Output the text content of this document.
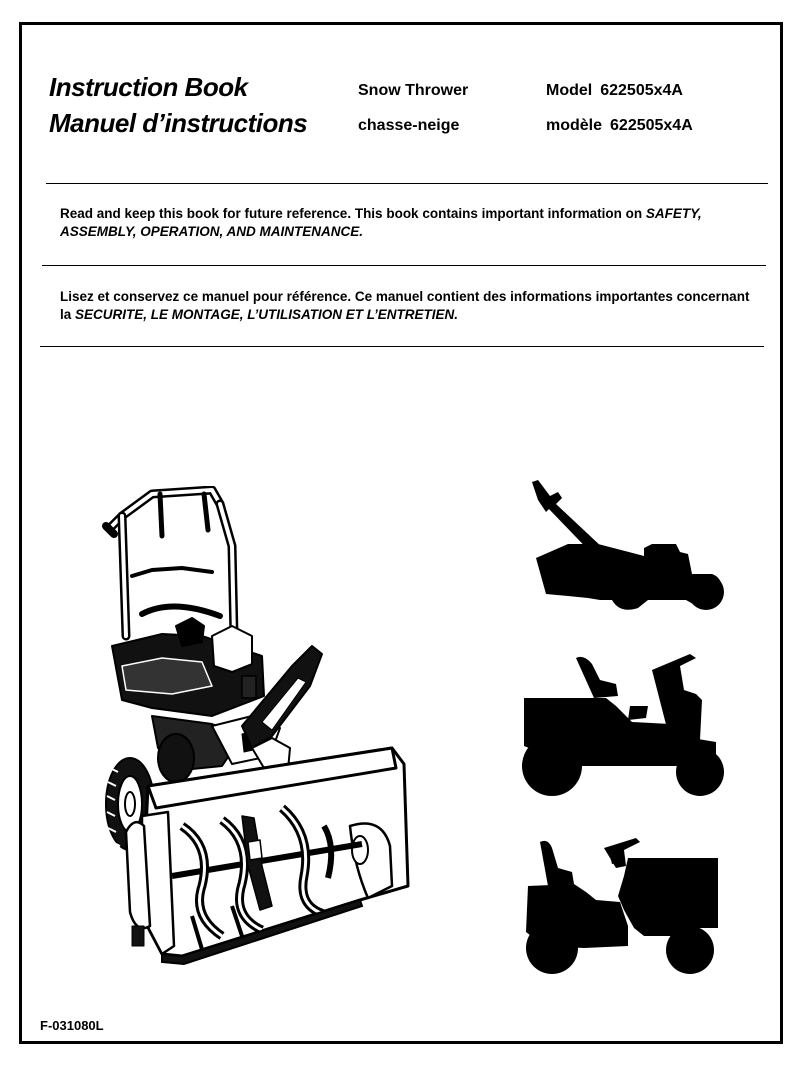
Instruction Book
Manuel d’instructions
Snow Thrower
chasse-neige
Model 622505x4A
modèle 622505x4A
Read and keep this book for future reference. This book contains important information on SAFETY, ASSEMBLY, OPERATION, AND MAINTENANCE.
Lisez et conservez ce manuel pour référence. Ce manuel contient des informations importantes concernant la SECURITE, LE MONTAGE, L’UTILISATION ET L’ENTRETIEN.
F-031080L
